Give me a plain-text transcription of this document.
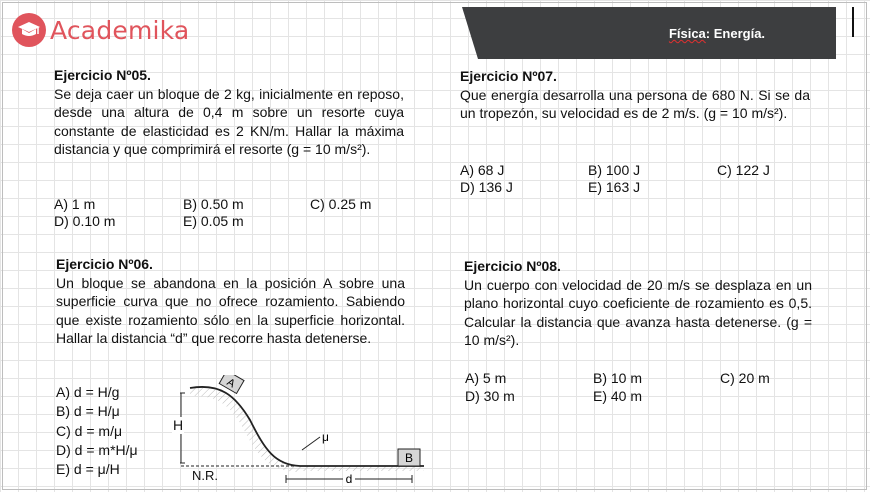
Academika	Física: Energía.
Ejercicio Nº05.

Se deja caer un bloque de 2 kg, inicialmente en reposo, desde una altura de 0,4 m sobre un resorte cuya constante de elasticidad es 2 KN/m. Hallar la máxima distancia y que comprimirá el resorte (g = 10 m/s²).

A) 1 m	B) 0.50 m	C) 0.25 m
D) 0.10 m	E) 0.05 m
Ejercicio Nº07.

Que energía desarrolla una persona de 680 N. Si se da un tropezón, su velocidad es de 2 m/s. (g = 10 m/s²).

A) 68 J	B) 100 J	C) 122 J
D) 136 J	E) 163 J
Ejercicio Nº06.

Un bloque se abandona en la posición A sobre una superficie curva que no ofrece rozamiento. Sabiendo que existe rozamiento sólo en la superficie horizontal. Hallar la distancia “d” que recorre hasta detenerse.

A) d = H/g
B) d = H/μ
C) d = m/μ
D) d = m*H/μ
E) d = μ/H
A
B
μ
d
H
N.R.
Ejercicio Nº08.

Un cuerpo con velocidad de 20 m/s se desplaza en un plano horizontal cuyo coeficiente de rozamiento es 0,5. Calcular la distancia que avanza hasta detenerse. (g = 10 m/s²).

A) 5 m	B) 10 m	C) 20 m
D) 30 m	E) 40 m
